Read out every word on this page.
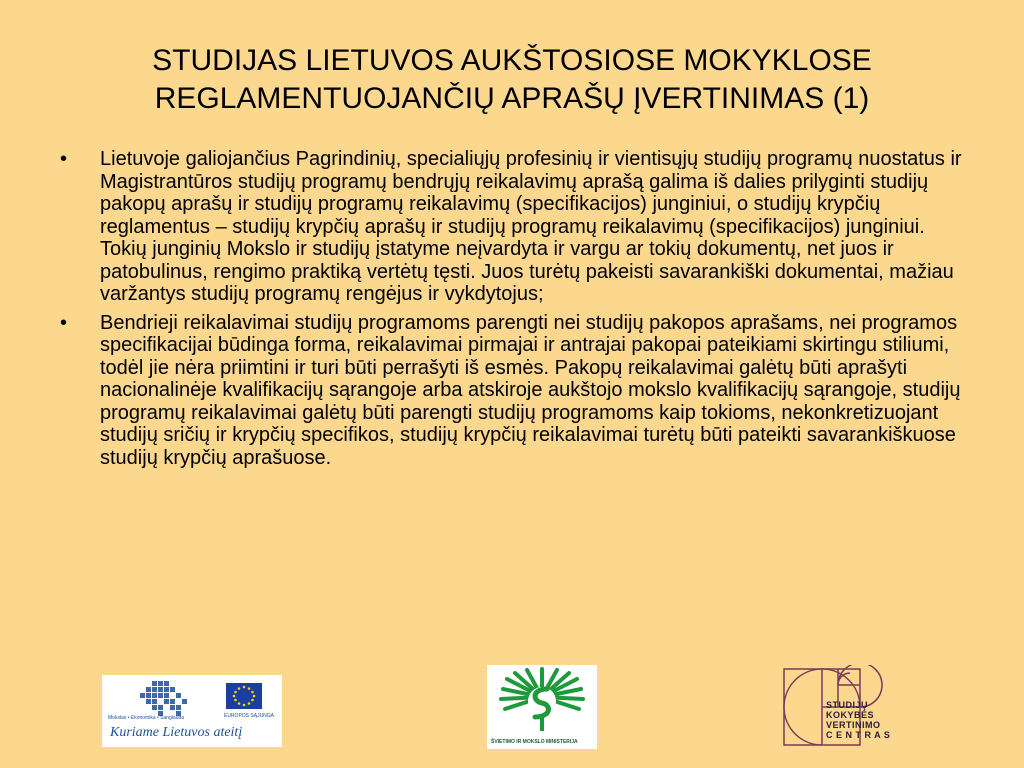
STUDIJAS LIETUVOS AUKŠTOSIOSE MOKYKLOSE
REGLAMENTUOJANČIŲ APRAŠŲ ĮVERTINIMAS (1)
• Lietuvoje galiojančius Pagrindinių, specialiųjų profesinių ir vientisųjų studijų programų nuostatus ir Magistrantūros studijų programų bendrųjų reikalavimų aprašą galima iš dalies prilyginti studijų pakopų aprašų ir studijų programų reikalavimų (specifikacijos) junginiui, o studijų krypčių reglamentus – studijų krypčių aprašų ir studijų programų reikalavimų (specifikacijos) junginiui. Tokių junginių Mokslo ir studijų įstatyme neįvardyta ir vargu ar tokių dokumentų, net juos ir patobulinus, rengimo praktiką vertėtų tęsti. Juos turėtų pakeisti savarankiški dokumentai, mažiau varžantys studijų programų rengėjus ir vykdytojus;
• Bendrieji reikalavimai studijų programoms parengti nei studijų pakopos aprašams, nei programos specifikacijai būdinga forma, reikalavimai pirmajai ir antrajai pakopai pateikiami skirtingu stiliumi, todėl jie nėra priimtini ir turi būti perrašyti iš esmės. Pakopų reikalavimai galėtų būti aprašyti nacionalinėje kvalifikacijų sąrangoje arba atskiroje aukštojo mokslo kvalifikacijų sąrangoje, studijų programų reikalavimai galėtų būti parengti studijų programoms kaip tokioms, nekonkretizuojant studijų sričių ir krypčių specifikos, studijų krypčių reikalavimai turėtų būti pateikti savarankiškuose studijų krypčių aprašuose.
Mokslas • Ekonomika • Sanglauda	EUROPOS SĄJUNGA
Kuriame Lietuvos ateitį
ŠVIETIMO IR MOKSLO MINISTERIJA
STUDIJŲ
KOKYBĖS
VERTINIMO
C E N T R A S
